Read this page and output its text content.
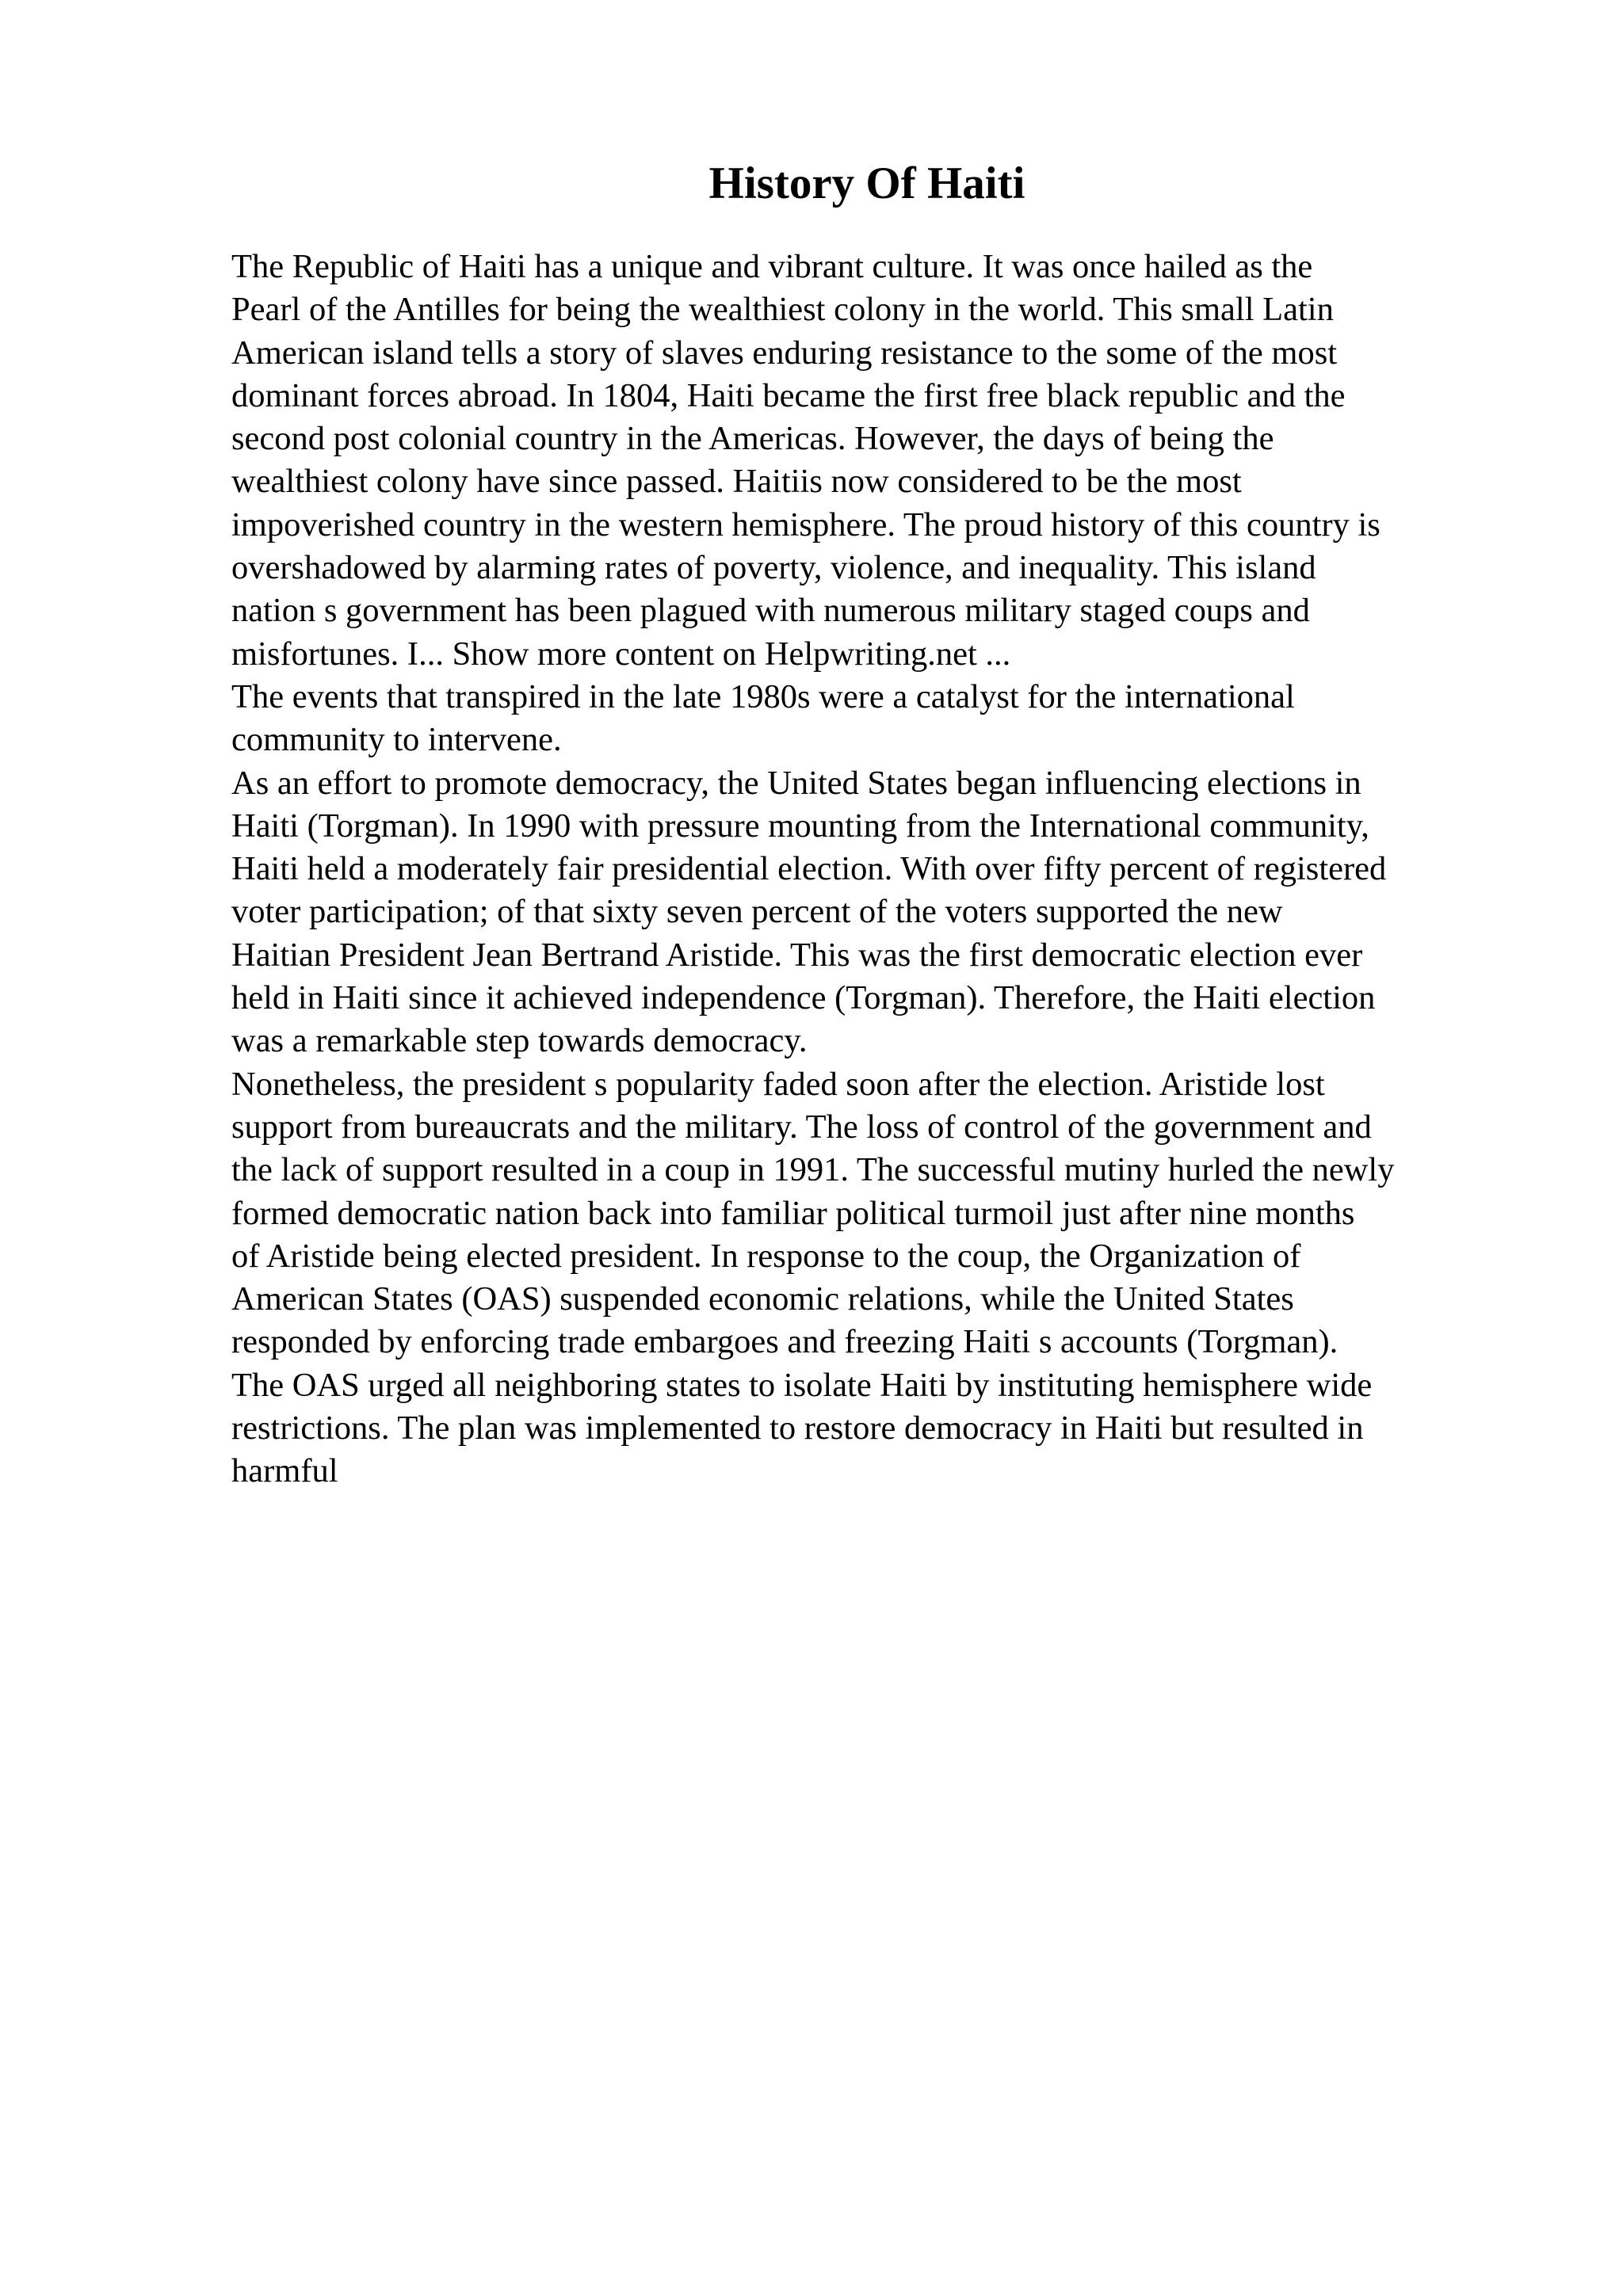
History Of Haiti
The Republic of Haiti has a unique and vibrant culture. It was once hailed as the
Pearl of the Antilles for being the wealthiest colony in the world. This small Latin
American island tells a story of slaves enduring resistance to the some of the most
dominant forces abroad. In 1804, Haiti became the first free black republic and the
second post colonial country in the Americas. However, the days of being the
wealthiest colony have since passed. Haitiis now considered to be the most
impoverished country in the western hemisphere. The proud history of this country is
overshadowed by alarming rates of poverty, violence, and inequality. This island
nation s government has been plagued with numerous military staged coups and
misfortunes. I... Show more content on Helpwriting.net ...
The events that transpired in the late 1980s were a catalyst for the international
community to intervene.
As an effort to promote democracy, the United States began influencing elections in
Haiti (Torgman). In 1990 with pressure mounting from the International community,
Haiti held a moderately fair presidential election. With over fifty percent of registered
voter participation; of that sixty seven percent of the voters supported the new
Haitian President Jean Bertrand Aristide. This was the first democratic election ever
held in Haiti since it achieved independence (Torgman). Therefore, the Haiti election
was a remarkable step towards democracy.
Nonetheless, the president s popularity faded soon after the election. Aristide lost
support from bureaucrats and the military. The loss of control of the government and
the lack of support resulted in a coup in 1991. The successful mutiny hurled the newly
formed democratic nation back into familiar political turmoil just after nine months
of Aristide being elected president. In response to the coup, the Organization of
American States (OAS) suspended economic relations, while the United States
responded by enforcing trade embargoes and freezing Haiti s accounts (Torgman).
The OAS urged all neighboring states to isolate Haiti by instituting hemisphere wide
restrictions. The plan was implemented to restore democracy in Haiti but resulted in
harmful
